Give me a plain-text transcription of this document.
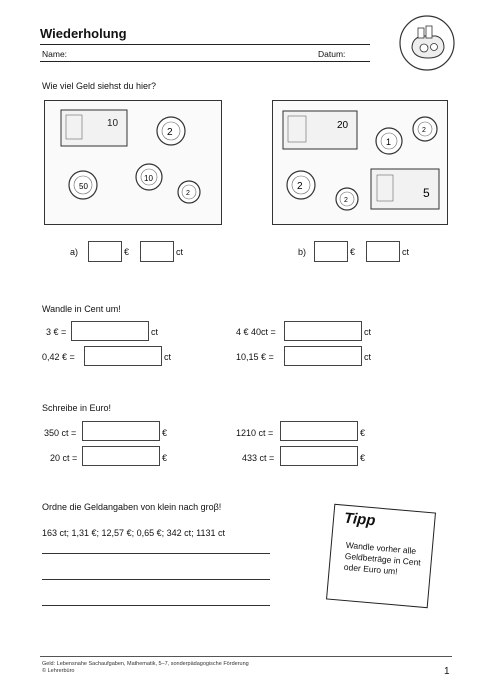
Wiederholung
Name:	Datum:
Wie viel Geld siehst du hier?
10
2
50
10
2
20
1
2
2
2
5
a)	€	ct	b)	€	ct
Wandle in Cent um!
3 € =	ct
0,42 € =	ct
4 € 40ct =	ct
10,15 € =	ct
Schreibe in Euro!
350 ct =	€
20 ct =	€
1210 ct =	€
433 ct =	€
Ordne die Geldangaben von klein nach groβ!
163 ct; 1,31 €; 12,57 €; 0,65 €; 342 ct; 1131 ct
Tipp
Wandle vorher alle Geldbeträge in Cent oder Euro um!
Geld: Lebensnahe Sachaufgaben, Mathematik, 5–7, sonderpädagogische Förderung
© Lehrerbüro	1
